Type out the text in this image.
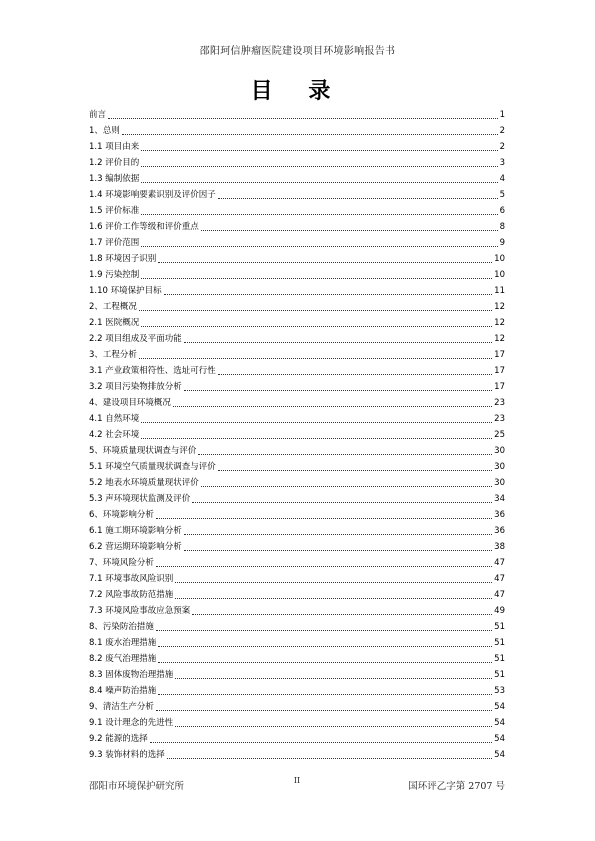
邵阳珂信肿瘤医院建设项目环境影响报告书
目 录
前言	1
1、总则	2
1.1 项目由来	2
1.2 评价目的	3
1.3 编制依据	4
1.4 环境影响要素识别及评价因子	5
1.5 评价标准	6
1.6 评价工作等级和评价重点	8
1.7 评价范围	9
1.8 环境因子识别	10
1.9 污染控制	10
1.10 环境保护目标	11
2、工程概况	12
2.1 医院概况	12
2.2 项目组成及平面功能	12
3、工程分析	17
3.1 产业政策相符性、选址可行性	17
3.2 项目污染物排放分析	17
4、建设项目环境概况	23
4.1 自然环境	23
4.2 社会环境	25
5、环境质量现状调查与评价	30
5.1 环境空气质量现状调查与评价	30
5.2 地表水环境质量现状评价	30
5.3 声环境现状监测及评价	34
6、环境影响分析	36
6.1 施工期环境影响分析	36
6.2 营运期环境影响分析	38
7、环境风险分析	47
7.1 环境事故风险识别	47
7.2 风险事故防范措施	47
7.3 环境风险事故应急预案	49
8、污染防治措施	51
8.1 废水治理措施	51
8.2 废气治理措施	51
8.3 固体废物治理措施	51
8.4 噪声防治措施	53
9、清洁生产分析	54
9.1 设计理念的先进性	54
9.2 能源的选择	54
9.3 装饰材料的选择	54
邵阳市环境保护研究所
II
国环评乙字第 2707 号
